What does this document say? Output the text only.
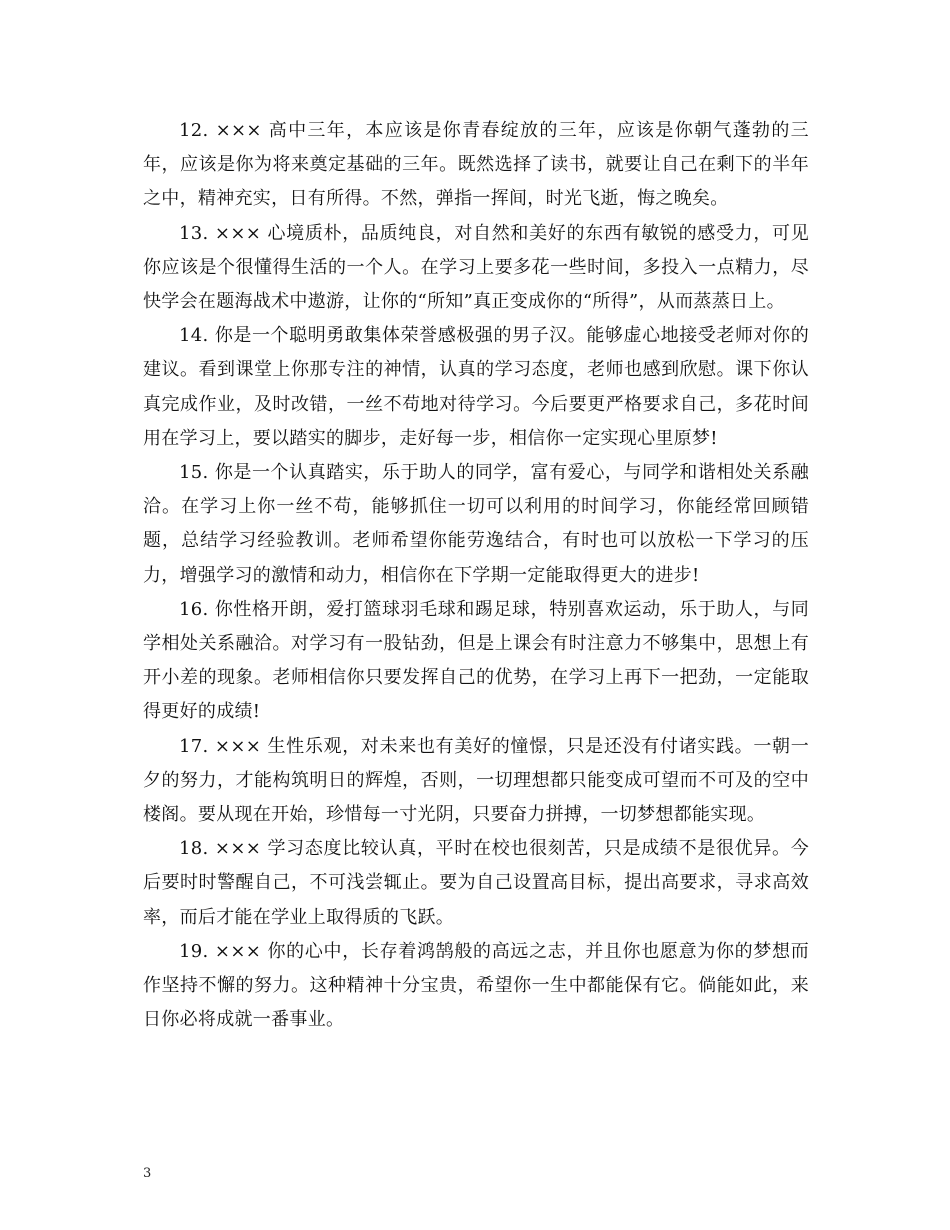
12. ××× 高中三年，本应该是你青春绽放的三年，应该是你朝气蓬勃的三年，应该是你为将来奠定基础的三年。既然选择了读书，就要让自己在剩下的半年之中，精神充实，日有所得。不然，弹指一挥间，时光飞逝，悔之晚矣。

13. ××× 心境质朴，品质纯良，对自然和美好的东西有敏锐的感受力，可见你应该是个很懂得生活的一个人。在学习上要多花一些时间，多投入一点精力，尽快学会在题海战术中遨游，让你的“所知”真正变成你的“所得”，从而蒸蒸日上。

14. 你是一个聪明勇敢集体荣誉感极强的男子汉。能够虚心地接受老师对你的建议。看到课堂上你那专注的神情，认真的学习态度，老师也感到欣慰。课下你认真完成作业，及时改错，一丝不苟地对待学习。今后要更严格要求自己，多花时间用在学习上，要以踏实的脚步，走好每一步，相信你一定实现心里原梦!

15. 你是一个认真踏实，乐于助人的同学，富有爱心，与同学和谐相处关系融洽。在学习上你一丝不苟，能够抓住一切可以利用的时间学习，你能经常回顾错题，总结学习经验教训。老师希望你能劳逸结合，有时也可以放松一下学习的压力，增强学习的激情和动力，相信你在下学期一定能取得更大的进步!

16. 你性格开朗，爱打篮球羽毛球和踢足球，特别喜欢运动，乐于助人，与同学相处关系融洽。对学习有一股钻劲，但是上课会有时注意力不够集中，思想上有开小差的现象。老师相信你只要发挥自己的优势，在学习上再下一把劲，一定能取得更好的成绩!

17. ××× 生性乐观，对未来也有美好的憧憬，只是还没有付诸实践。一朝一夕的努力，才能构筑明日的辉煌，否则，一切理想都只能变成可望而不可及的空中楼阁。要从现在开始，珍惜每一寸光阴，只要奋力拼搏，一切梦想都能实现。

18. ××× 学习态度比较认真，平时在校也很刻苦，只是成绩不是很优异。今后要时时警醒自己，不可浅尝辄止。要为自己设置高目标，提出高要求，寻求高效率，而后才能在学业上取得质的飞跃。

19. ××× 你的心中，长存着鸿鹄般的高远之志，并且你也愿意为你的梦想而作坚持不懈的努力。这种精神十分宝贵，希望你一生中都能保有它。倘能如此，来日你必将成就一番事业。

3
